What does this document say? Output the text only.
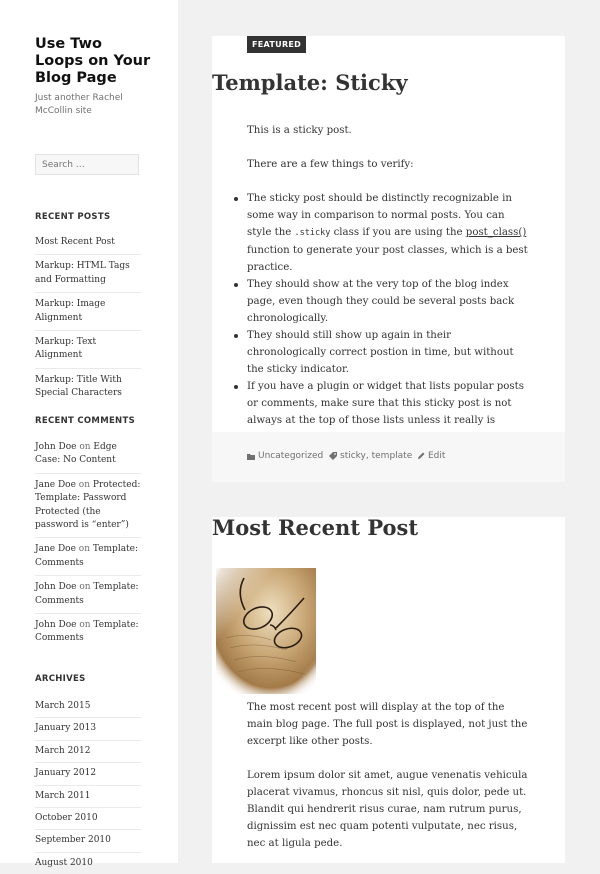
Use Two Loops on Your Blog Page

Just another Rachel McCollin site

Search …
RECENT POSTS
Most Recent Post
Markup: HTML Tags and Formatting
Markup: Image Alignment
Markup: Text Alignment
Markup: Title With Special Characters
RECENT COMMENTS
John Doe on Edge Case: No Content
Jane Doe on Protected: Template: Password Protected (the password is “enter”)
Jane Doe on Template: Comments
John Doe on Template: Comments
John Doe on Template: Comments
ARCHIVES
March 2015
January 2013
March 2012
January 2012
March 2011
October 2010
September 2010
August 2010
FEATURED
Template: Sticky

This is a sticky post.

There are a few things to verify:

The sticky post should be distinctly recognizable in some way in comparison to normal posts. You can style the .sticky class if you are using the post_class() function to generate your post classes, which is a best practice.
They should show at the very top of the blog index page, even though they could be several posts back chronologically.
They should still show up again in their chronologically correct postion in time, but without the sticky indicator.
If you have a plugin or widget that lists popular posts or comments, make sure that this sticky post is not always at the top of those lists unless it really is
Uncategorized sticky, template Edit
Most Recent Post

The most recent post will display at the top of the main blog page. The full post is displayed, not just the excerpt like other posts.

Lorem ipsum dolor sit amet, augue venenatis vehicula placerat vivamus, rhoncus sit nisl, quis dolor, pede ut. Blandit qui hendrerit risus curae, nam rutrum purus, dignissim est nec quam potenti vulputate, nec risus, nec at ligula pede.
